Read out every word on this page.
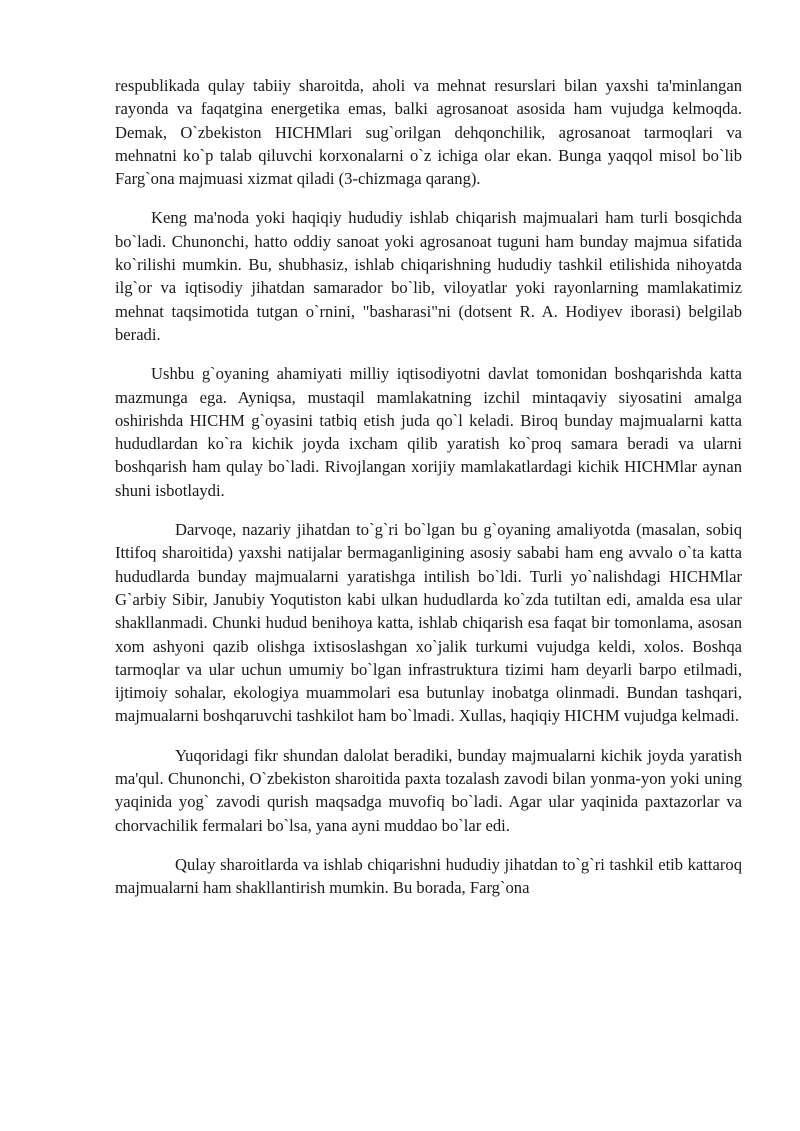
respublikada qulay tabiiy sharoitda, aholi va mehnat resurslari bilan yaxshi ta'minlangan rayonda va faqatgina energetika emas, balki agrosanoat asosida ham vujudga kelmoqda. Demak, O`zbekiston HICHMlari sug`orilgan dehqonchilik, agrosanoat tarmoqlari va mehnatni ko`p talab qiluvchi korxonalarni o`z ichiga olar ekan. Bunga yaqqol misol bo`lib Farg`ona majmuasi xizmat qiladi (3-chizmaga qarang).

Keng ma'noda yoki haqiqiy hududiy ishlab chiqarish majmualari ham turli bosqichda bo`ladi. Chunonchi, hatto oddiy sanoat yoki agrosanoat tuguni ham bunday majmua sifatida ko`rilishi mumkin. Bu, shubhasiz, ishlab chiqarishning hududiy tashkil etilishida nihoyatda ilg`or va iqtisodiy jihatdan samarador bo`lib, viloyatlar yoki rayonlarning mamlakatimiz mehnat taqsimotida tutgan o`rnini, "basharasi"ni (dotsent R. A. Hodiyev iborasi) belgilab beradi.

Ushbu g`oyaning ahamiyati milliy iqtisodiyotni davlat tomonidan boshqarishda katta mazmunga ega. Ayniqsa, mustaqil mamlakatning izchil mintaqaviy siyosatini amalga oshirishda HICHM g`oyasini tatbiq etish juda qo`l keladi. Biroq bunday majmualarni katta hududlardan ko`ra kichik joyda ixcham qilib yaratish ko`proq samara beradi va ularni boshqarish ham qulay bo`ladi. Rivojlangan xorijiy mamlakatlardagi kichik HICHMlar aynan shuni isbotlaydi.

Darvoqe, nazariy jihatdan to`g`ri bo`lgan bu g`oyaning amaliyotda (masalan, sobiq Ittifoq sharoitida) yaxshi natijalar bermaganligining asosiy sababi ham eng avvalo o`ta katta hududlarda bunday majmualarni yaratishga intilish bo`ldi. Turli yo`nalishdagi HICHMlar G`arbiy Sibir, Janubiy Yoqutiston kabi ulkan hududlarda ko`zda tutiltan edi, amalda esa ular shakllanmadi. Chunki hudud benihoya katta, ishlab chiqarish esa faqat bir tomonlama, asosan xom ashyoni qazib olishga ixtisoslashgan xo`jalik turkumi vujudga keldi, xolos. Boshqa tarmoqlar va ular uchun umumiy bo`lgan infrastruktura tizimi ham deyarli barpo etilmadi, ijtimoiy sohalar, ekologiya muammolari esa butunlay inobatga olinmadi. Bundan tashqari, majmualarni boshqaruvchi tashkilot ham bo`lmadi. Xullas, haqiqiy HICHM vujudga kelmadi.

Yuqoridagi fikr shundan dalolat beradiki, bunday majmualarni kichik joyda yaratish ma'qul. Chunonchi, O`zbekiston sharoitida paxta tozalash zavodi bilan yonma-yon yoki uning yaqinida yog` zavodi qurish maqsadga muvofiq bo`ladi. Agar ular yaqinida paxtazorlar va chorvachilik fermalari bo`lsa, yana ayni muddao bo`lar edi.

Qulay sharoitlarda va ishlab chiqarishni hududiy jihatdan to`g`ri tashkil etib kattaroq majmualarni ham shakllantirish mumkin. Bu borada, Farg`ona
